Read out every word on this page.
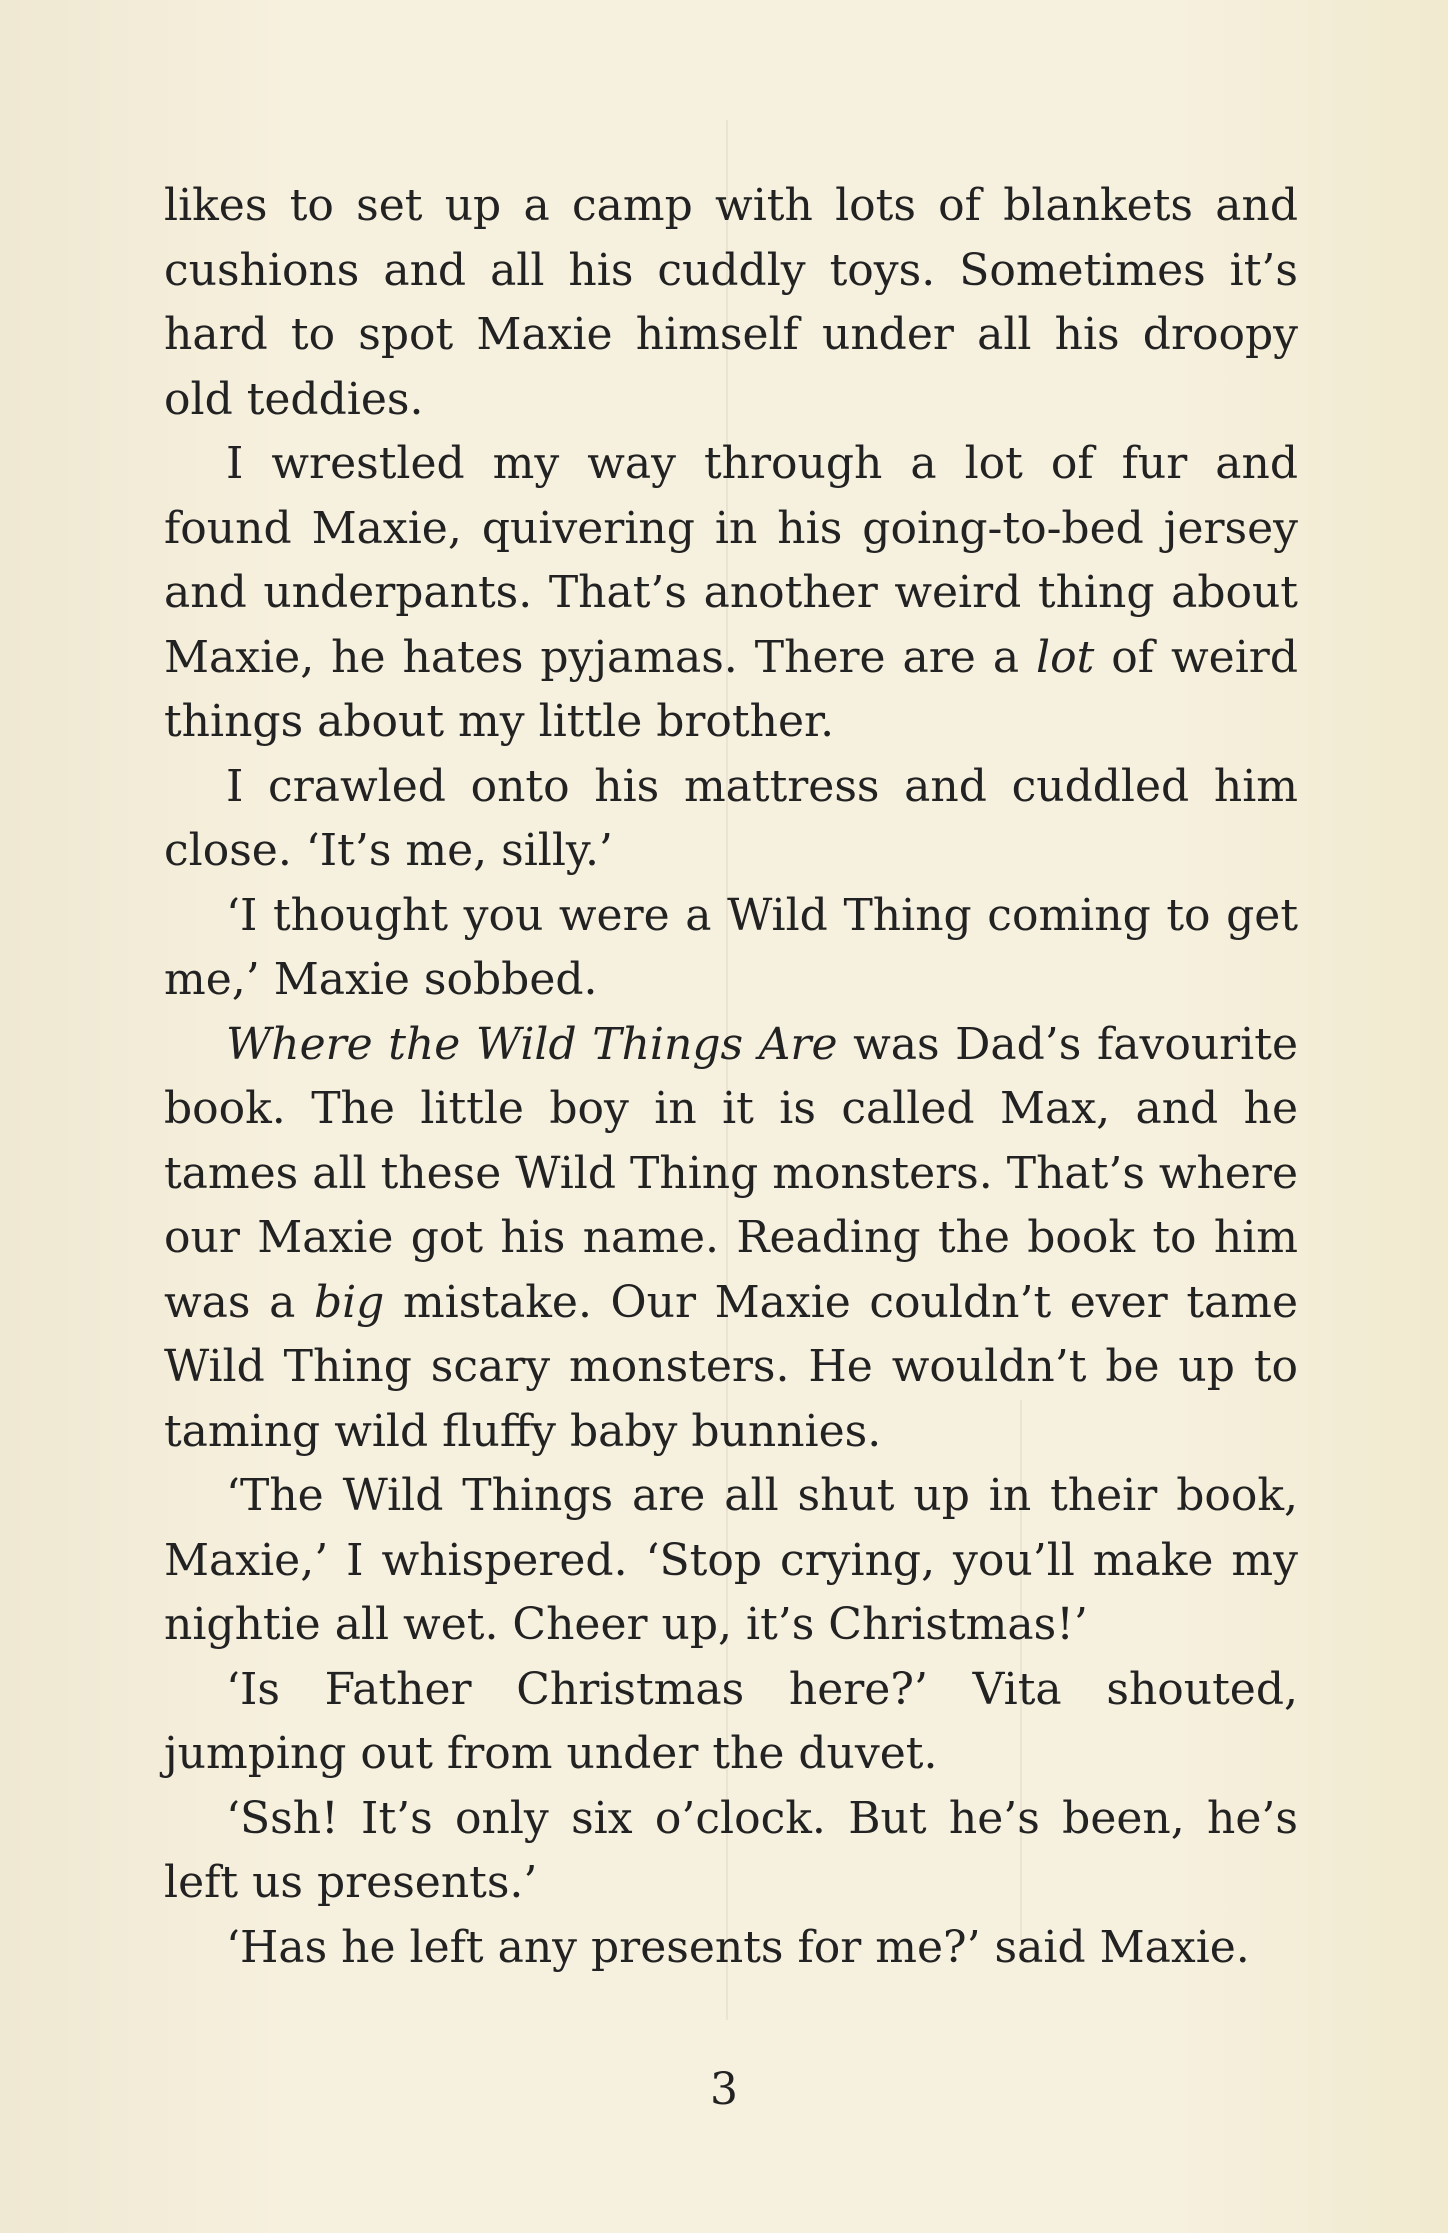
likes to set up a camp with lots of blankets and cushions and all his cuddly toys. Sometimes it’s hard to spot Maxie himself under all his droopy old teddies.

I wrestled my way through a lot of fur and found Maxie, quivering in his going-to-bed jersey and underpants. That’s another weird thing about Maxie, he hates pyjamas. There are a lot of weird things about my little brother.

I crawled onto his mattress and cuddled him close. ‘It’s me, silly.’

‘I thought you were a Wild Thing coming to get me,’ Maxie sobbed.

Where the Wild Things Are was Dad’s favourite book. The little boy in it is called Max, and he tames all these Wild Thing monsters. That’s where our Maxie got his name. Reading the book to him was a big mistake. Our Maxie couldn’t ever tame Wild Thing scary monsters. He wouldn’t be up to taming wild fluffy baby bunnies.

‘The Wild Things are all shut up in their book, Maxie,’ I whispered. ‘Stop crying, you’ll make my nightie all wet. Cheer up, it’s Christmas!’

‘Is Father Christmas here?’ Vita shouted, jumping out from under the duvet.

‘Ssh! It’s only six o’clock. But he’s been, he’s left us presents.’

‘Has he left any presents for me?’ said Maxie.

3
